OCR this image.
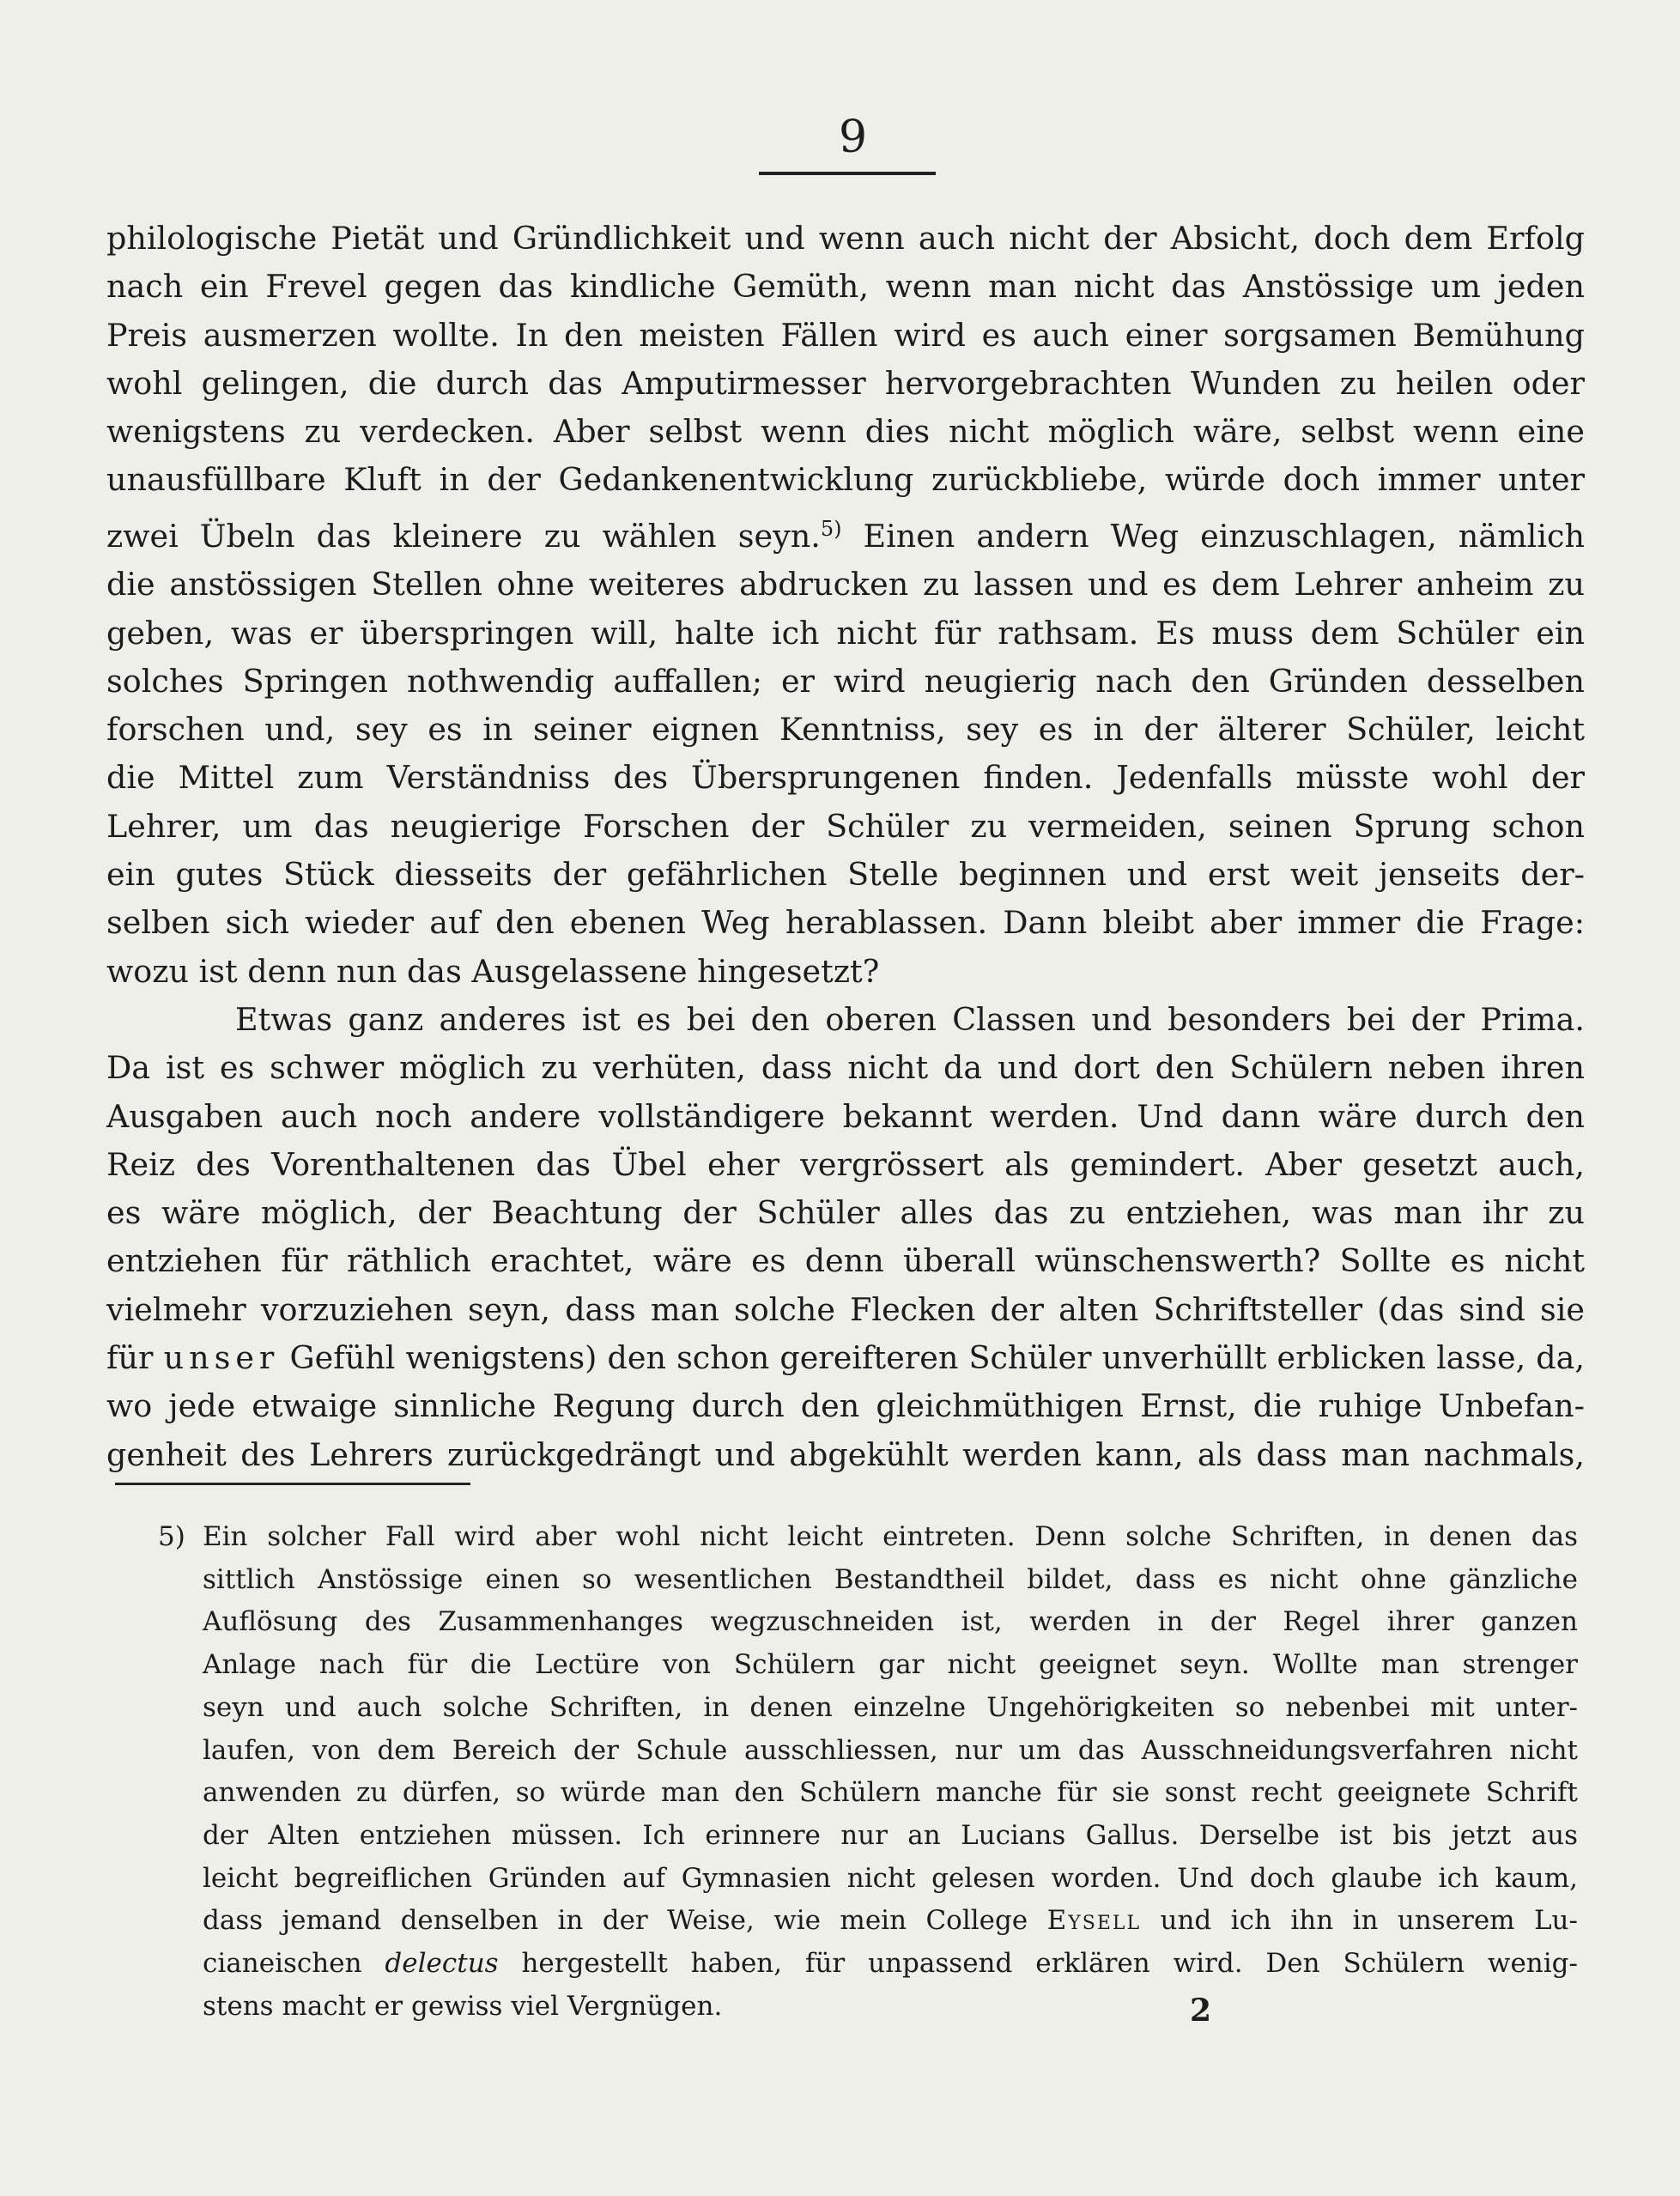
9
philologische Pietät und Gründlichkeit und wenn auch nicht der Absicht, doch dem Erfolg
nach ein Frevel gegen das kindliche Gemüth, wenn man nicht das Anstössige um jeden
Preis ausmerzen wollte. In den meisten Fällen wird es auch einer sorgsamen Bemühung
wohl gelingen, die durch das Amputirmesser hervorgebrachten Wunden zu heilen oder
wenigstens zu verdecken. Aber selbst wenn dies nicht möglich wäre, selbst wenn eine
unausfüllbare Kluft in der Gedankenentwicklung zurückbliebe, würde doch immer unter
zwei Übeln das kleinere zu wählen seyn.$^{5)}$ Einen andern Weg einzuschlagen, nämlich
die anstössigen Stellen ohne weiteres abdrucken zu lassen und es dem Lehrer anheim zu
geben, was er überspringen will, halte ich nicht für rathsam. Es muss dem Schüler ein
solches Springen nothwendig auffallen; er wird neugierig nach den Gründen desselben
forschen und, sey es in seiner eignen Kenntniss, sey es in der älterer Schüler, leicht
die Mittel zum Verständniss des Übersprungenen finden. Jedenfalls müsste wohl der
Lehrer, um das neugierige Forschen der Schüler zu vermeiden, seinen Sprung schon
ein gutes Stück diesseits der gefährlichen Stelle beginnen und erst weit jenseits der-
selben sich wieder auf den ebenen Weg herablassen. Dann bleibt aber immer die Frage:
wozu ist denn nun das Ausgelassene hingesetzt?
Etwas ganz anderes ist es bei den oberen Classen und besonders bei der Prima.
Da ist es schwer möglich zu verhüten, dass nicht da und dort den Schülern neben ihren
Ausgaben auch noch andere vollständigere bekannt werden. Und dann wäre durch den
Reiz des Vorenthaltenen das Übel eher vergrössert als gemindert. Aber gesetzt auch,
es wäre möglich, der Beachtung der Schüler alles das zu entziehen, was man ihr zu
entziehen für räthlich erachtet, wäre es denn überall wünschenswerth? Sollte es nicht
vielmehr vorzuziehen seyn, dass man solche Flecken der alten Schriftsteller (das sind sie
für unser Gefühl wenigstens) den schon gereifteren Schüler unverhüllt erblicken lasse, da,
wo jede etwaige sinnliche Regung durch den gleichmüthigen Ernst, die ruhige Unbefan-
genheit des Lehrers zurückgedrängt und abgekühlt werden kann, als dass man nachmals,
5) Ein solcher Fall wird aber wohl nicht leicht eintreten. Denn solche Schriften, in denen das
sittlich Anstössige einen so wesentlichen Bestandtheil bildet, dass es nicht ohne gänzliche
Auflösung des Zusammenhanges wegzuschneiden ist, werden in der Regel ihrer ganzen
Anlage nach für die Lectüre von Schülern gar nicht geeignet seyn. Wollte man strenger
seyn und auch solche Schriften, in denen einzelne Ungehörigkeiten so nebenbei mit unter-
laufen, von dem Bereich der Schule ausschliessen, nur um das Ausschneidungsverfahren nicht
anwenden zu dürfen, so würde man den Schülern manche für sie sonst recht geeignete Schrift
der Alten entziehen müssen. Ich erinnere nur an Lucians Gallus. Derselbe ist bis jetzt aus
leicht begreiflichen Gründen auf Gymnasien nicht gelesen worden. Und doch glaube ich kaum,
dass jemand denselben in der Weise, wie mein College Eysell und ich ihn in unserem Lu-
cianeischen delectus hergestellt haben, für unpassend erklären wird. Den Schülern wenig-
stens macht er gewiss viel Vergnügen.	2
